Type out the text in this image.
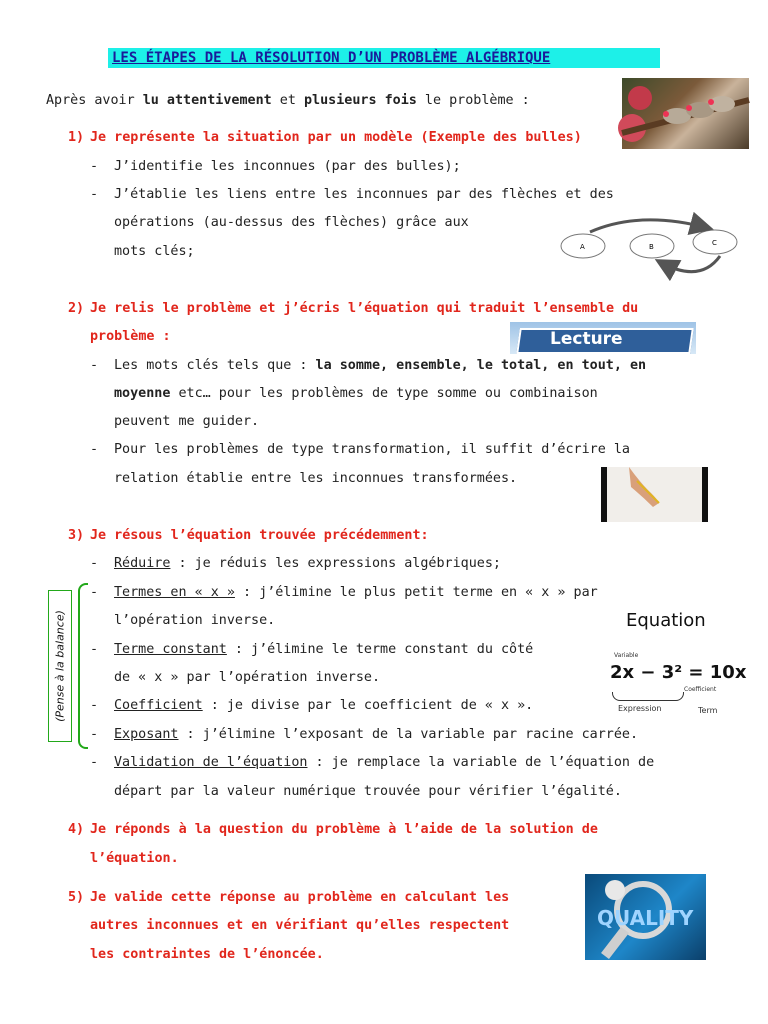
LES ÉTAPES DE LA RÉSOLUTION D’UN PROBLÈME ALGÉBRIQUE
Après avoir lu attentivement et plusieurs fois le problème :
1) Je représente la situation par un modèle (Exemple des bulles)
- J’identifie les inconnues (par des bulles);
- J’établie les liens entre les inconnues par des flèches et des
opérations (au-dessus des flèches) grâce aux
mots clés;	A	B	C
2) Je relis le problème et j’écris l’équation qui traduit l’ensemble du
problème :	Lecture
- Les mots clés tels que : la somme, ensemble, le total, en tout, en
moyenne etc… pour les problèmes de type somme ou combinaison
peuvent me guider.
- Pour les problèmes de type transformation, il suffit d’écrire la
relation établie entre les inconnues transformées.
3) Je résous l’équation trouvée précédemment:
- Réduire : je réduis les expressions algébriques;
(Pense à la balance)
- Termes en « x » : j’élimine le plus petit terme en « x » par
l’opération inverse.
- Terme constant : j’élimine le terme constant du côté
de « x » par l’opération inverse.
- Coefficient : je divise par le coefficient de « x ».
- Exposant : j’élimine l’exposant de la variable par racine carrée.
- Validation de l’équation : je remplace la variable de l’équation de
départ par la valeur numérique trouvée pour vérifier l’égalité.
Equation
Variable
2x − 3² = 10x
Coefficient
Expression	Term
4) Je réponds à la question du problème à l’aide de la solution de
l’équation.
5) Je valide cette réponse au problème en calculant les
autres inconnues et en vérifiant qu’elles respectent
les contraintes de l’énoncée.
QUALITY
